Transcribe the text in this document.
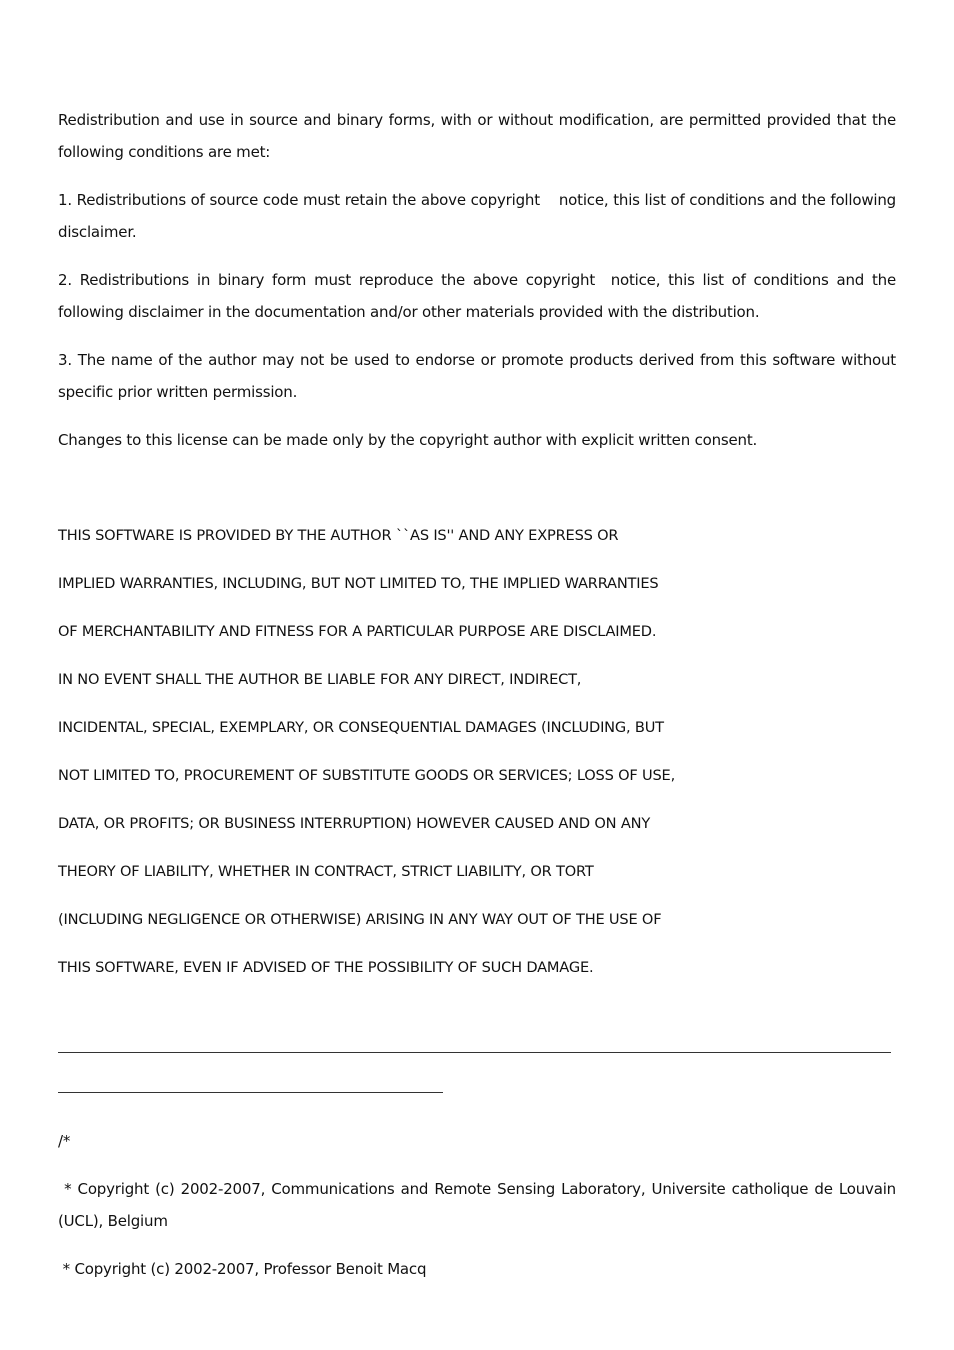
Redistribution and use in source and binary forms, with or without modification, are permitted provided that the following conditions are met:

1. Redistributions of source code must retain the above copyright    notice, this list of conditions and the following disclaimer.

2. Redistributions in binary form must reproduce the above copyright  notice, this list of conditions and the following disclaimer in the documentation and/or other materials provided with the distribution.

3. The name of the author may not be used to endorse or promote products derived from this software without specific prior written permission.

Changes to this license can be made only by the copyright author with explicit written consent.

THIS SOFTWARE IS PROVIDED BY THE AUTHOR ``AS IS'' AND ANY EXPRESS OR

IMPLIED WARRANTIES, INCLUDING, BUT NOT LIMITED TO, THE IMPLIED WARRANTIES

OF MERCHANTABILITY AND FITNESS FOR A PARTICULAR PURPOSE ARE DISCLAIMED.

IN NO EVENT SHALL THE AUTHOR BE LIABLE FOR ANY DIRECT, INDIRECT,

INCIDENTAL, SPECIAL, EXEMPLARY, OR CONSEQUENTIAL DAMAGES (INCLUDING, BUT

NOT LIMITED TO, PROCUREMENT OF SUBSTITUTE GOODS OR SERVICES; LOSS OF USE,

DATA, OR PROFITS; OR BUSINESS INTERRUPTION) HOWEVER CAUSED AND ON ANY

THEORY OF LIABILITY, WHETHER IN CONTRACT, STRICT LIABILITY, OR TORT

(INCLUDING NEGLIGENCE OR OTHERWISE) ARISING IN ANY WAY OUT OF THE USE OF

THIS SOFTWARE, EVEN IF ADVISED OF THE POSSIBILITY OF SUCH DAMAGE.

/*

* Copyright (c) 2002-2007, Communications and Remote Sensing Laboratory, Universite catholique de Louvain (UCL), Belgium

* Copyright (c) 2002-2007, Professor Benoit Macq
